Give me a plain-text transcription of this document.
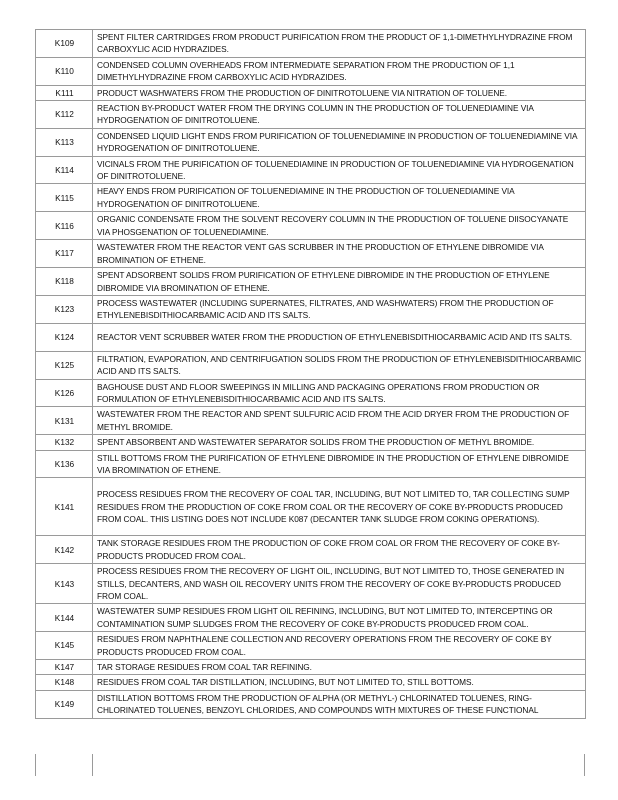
K109	SPENT FILTER CARTRIDGES FROM PRODUCT PURIFICATION FROM THE PRODUCT OF 1,1-DIMETHYLHYDRAZINE FROM CARBOXYLIC ACID HYDRAZIDES.
K110	CONDENSED COLUMN OVERHEADS FROM INTERMEDIATE SEPARATION FROM THE PRODUCTION OF 1,1 DIMETHYLHYDRAZINE FROM CARBOXYLIC ACID HYDRAZIDES.
K111	PRODUCT WASHWATERS FROM THE PRODUCTION OF DINITROTOLUENE VIA NITRATION OF TOLUENE.
K112	REACTION BY-PRODUCT WATER FROM THE DRYING COLUMN IN THE PRODUCTION OF TOLUENEDIAMINE VIA HYDROGENATION OF DINITROTOLUENE.
K113	CONDENSED LIQUID LIGHT ENDS FROM PURIFICATION OF TOLUENEDIAMINE IN PRODUCTION OF TOLUENEDIAMINE VIA HYDROGENATION OF DINITROTOLUENE.
K114	VICINALS FROM THE PURIFICATION OF TOLUENEDIAMINE IN PRODUCTION OF TOLUENEDIAMINE VIA HYDROGENATION OF DINITROTOLUENE.
K115	HEAVY ENDS FROM PURIFICATION OF TOLUENEDIAMINE IN THE PRODUCTION OF TOLUENEDIAMINE VIA HYDROGENATION OF DINITROTOLUENE.
K116	ORGANIC CONDENSATE FROM THE SOLVENT RECOVERY COLUMN IN THE PRODUCTION OF TOLUENE DIISOCYANATE VIA PHOSGENATION OF TOLUENEDIAMINE.
K117	WASTEWATER FROM THE REACTOR VENT GAS SCRUBBER IN THE PRODUCTION OF ETHYLENE DIBROMIDE VIA BROMINATION OF ETHENE.
K118	SPENT ADSORBENT SOLIDS FROM PURIFICATION OF ETHYLENE DIBROMIDE IN THE PRODUCTION OF ETHYLENE DIBROMIDE VIA BROMINATION OF ETHENE.
K123	PROCESS WASTEWATER (INCLUDING SUPERNATES, FILTRATES, AND WASHWATERS) FROM THE PRODUCTION OF ETHYLENEBISDITHIOCARBAMIC ACID AND ITS SALTS.
K124	REACTOR VENT SCRUBBER WATER FROM THE PRODUCTION OF ETHYLENEBISDITHIOCARBAMIC ACID AND ITS SALTS.
K125	FILTRATION, EVAPORATION, AND CENTRIFUGATION SOLIDS FROM THE PRODUCTION OF ETHYLENEBISDITHIOCARBAMIC ACID AND ITS SALTS.
K126	BAGHOUSE DUST AND FLOOR SWEEPINGS IN MILLING AND PACKAGING OPERATIONS FROM PRODUCTION OR FORMULATION OF ETHYLENEBISDITHIOCARBAMIC ACID AND ITS SALTS.
K131	WASTEWATER FROM THE REACTOR AND SPENT SULFURIC ACID FROM THE ACID DRYER FROM THE PRODUCTION OF METHYL BROMIDE.
K132	SPENT ABSORBENT AND WASTEWATER SEPARATOR SOLIDS FROM THE PRODUCTION OF METHYL BROMIDE.
K136	STILL BOTTOMS FROM THE PURIFICATION OF ETHYLENE DIBROMIDE IN THE PRODUCTION OF ETHYLENE DIBROMIDE VIA BROMINATION OF ETHENE.
K141	PROCESS RESIDUES FROM THE RECOVERY OF COAL TAR, INCLUDING, BUT NOT LIMITED TO, TAR COLLECTING SUMP RESIDUES FROM THE PRODUCTION OF COKE FROM COAL OR THE RECOVERY OF COKE BY-PRODUCTS PRODUCED FROM COAL. THIS LISTING DOES NOT INCLUDE K087 (DECANTER TANK SLUDGE FROM COKING OPERATIONS).
K142	TANK STORAGE RESIDUES FROM THE PRODUCTION OF COKE FROM COAL OR FROM THE RECOVERY OF COKE BY-PRODUCTS PRODUCED FROM COAL.
K143	PROCESS RESIDUES FROM THE RECOVERY OF LIGHT OIL, INCLUDING, BUT NOT LIMITED TO, THOSE GENERATED IN STILLS, DECANTERS, AND WASH OIL RECOVERY UNITS FROM THE RECOVERY OF COKE BY-PRODUCTS PRODUCED FROM COAL.
K144	WASTEWATER SUMP RESIDUES FROM LIGHT OIL REFINING, INCLUDING, BUT NOT LIMITED TO, INTERCEPTING OR CONTAMINATION SUMP SLUDGES FROM THE RECOVERY OF COKE BY-PRODUCTS PRODUCED FROM COAL.
K145	RESIDUES FROM NAPHTHALENE COLLECTION AND RECOVERY OPERATIONS FROM THE RECOVERY OF COKE BY PRODUCTS PRODUCED FROM COAL.
K147	TAR STORAGE RESIDUES FROM COAL TAR REFINING.
K148	RESIDUES FROM COAL TAR DISTILLATION, INCLUDING, BUT NOT LIMITED TO, STILL BOTTOMS.
K149	DISTILLATION BOTTOMS FROM THE PRODUCTION OF ALPHA (OR METHYL-) CHLORINATED TOLUENES, RING-CHLORINATED TOLUENES, BENZOYL CHLORIDES, AND COMPOUNDS WITH MIXTURES OF THESE FUNCTIONAL
